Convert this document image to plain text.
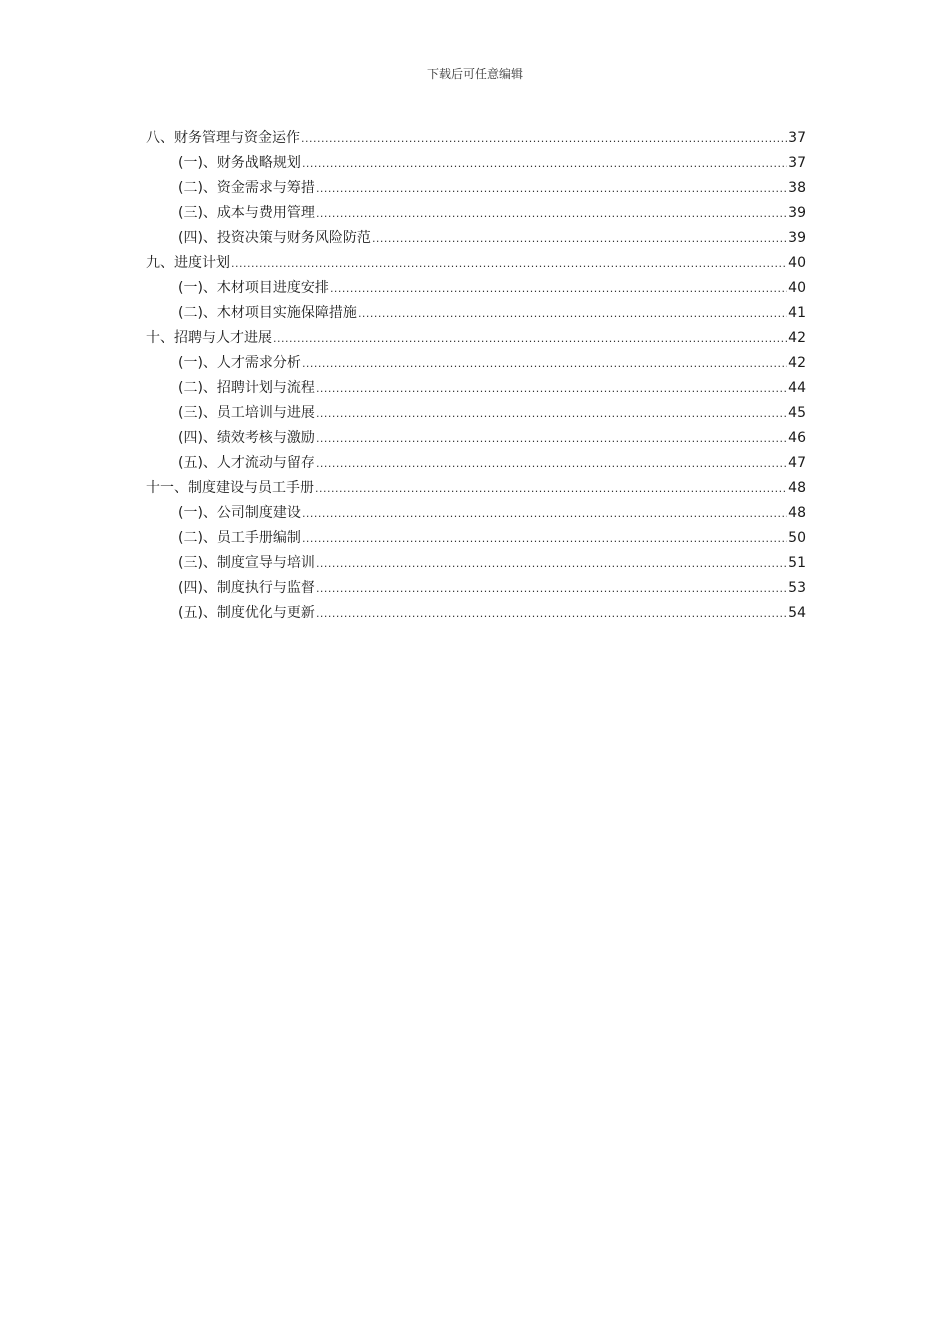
下载后可任意编辑
八、财务管理与资金运作 .....	37
(一)、财务战略规划 .....	37
(二)、资金需求与筹措 .....	38
(三)、成本与费用管理 .....	39
(四)、投资决策与财务风险防范 .....	39
九、进度计划 .....	40
(一)、木材项目进度安排 .....	40
(二)、木材项目实施保障措施 .....	41
十、招聘与人才进展 .....	42
(一)、人才需求分析 .....	42
(二)、招聘计划与流程 .....	44
(三)、员工培训与进展 .....	45
(四)、绩效考核与激励 .....	46
(五)、人才流动与留存 .....	47
十一、制度建设与员工手册 .....	48
(一)、公司制度建设 .....	48
(二)、员工手册编制 .....	50
(三)、制度宣导与培训 .....	51
(四)、制度执行与监督 .....	53
(五)、制度优化与更新 .....	54
